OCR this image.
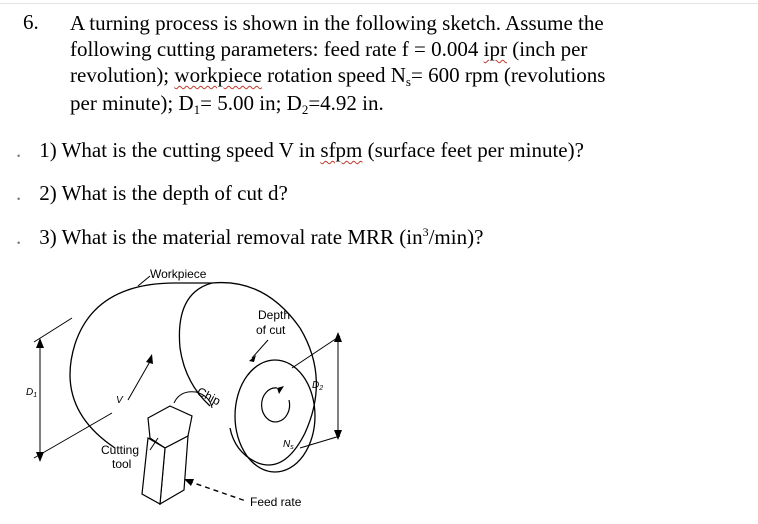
6. A turning process is shown in the following sketch. Assume the
following cutting parameters: feed rate f = 0.004 ipr (inch per
revolution); workpiece rotation speed $N_s= 600$ rpm (revolutions
per minute); $D_1= 5.00$ in; $D_2=4.92$ in.
. 1) What is the cutting speed V in sfpm (surface feet per minute)?
. 2) What is the depth of cut d?
. 3) What is the material removal rate MRR $(in^3/\min)$?
Workpiece
Depth
of cut
Chip
$D_1$
$D_2$
V
$N_s$
Cutting
tool
Feed rate
